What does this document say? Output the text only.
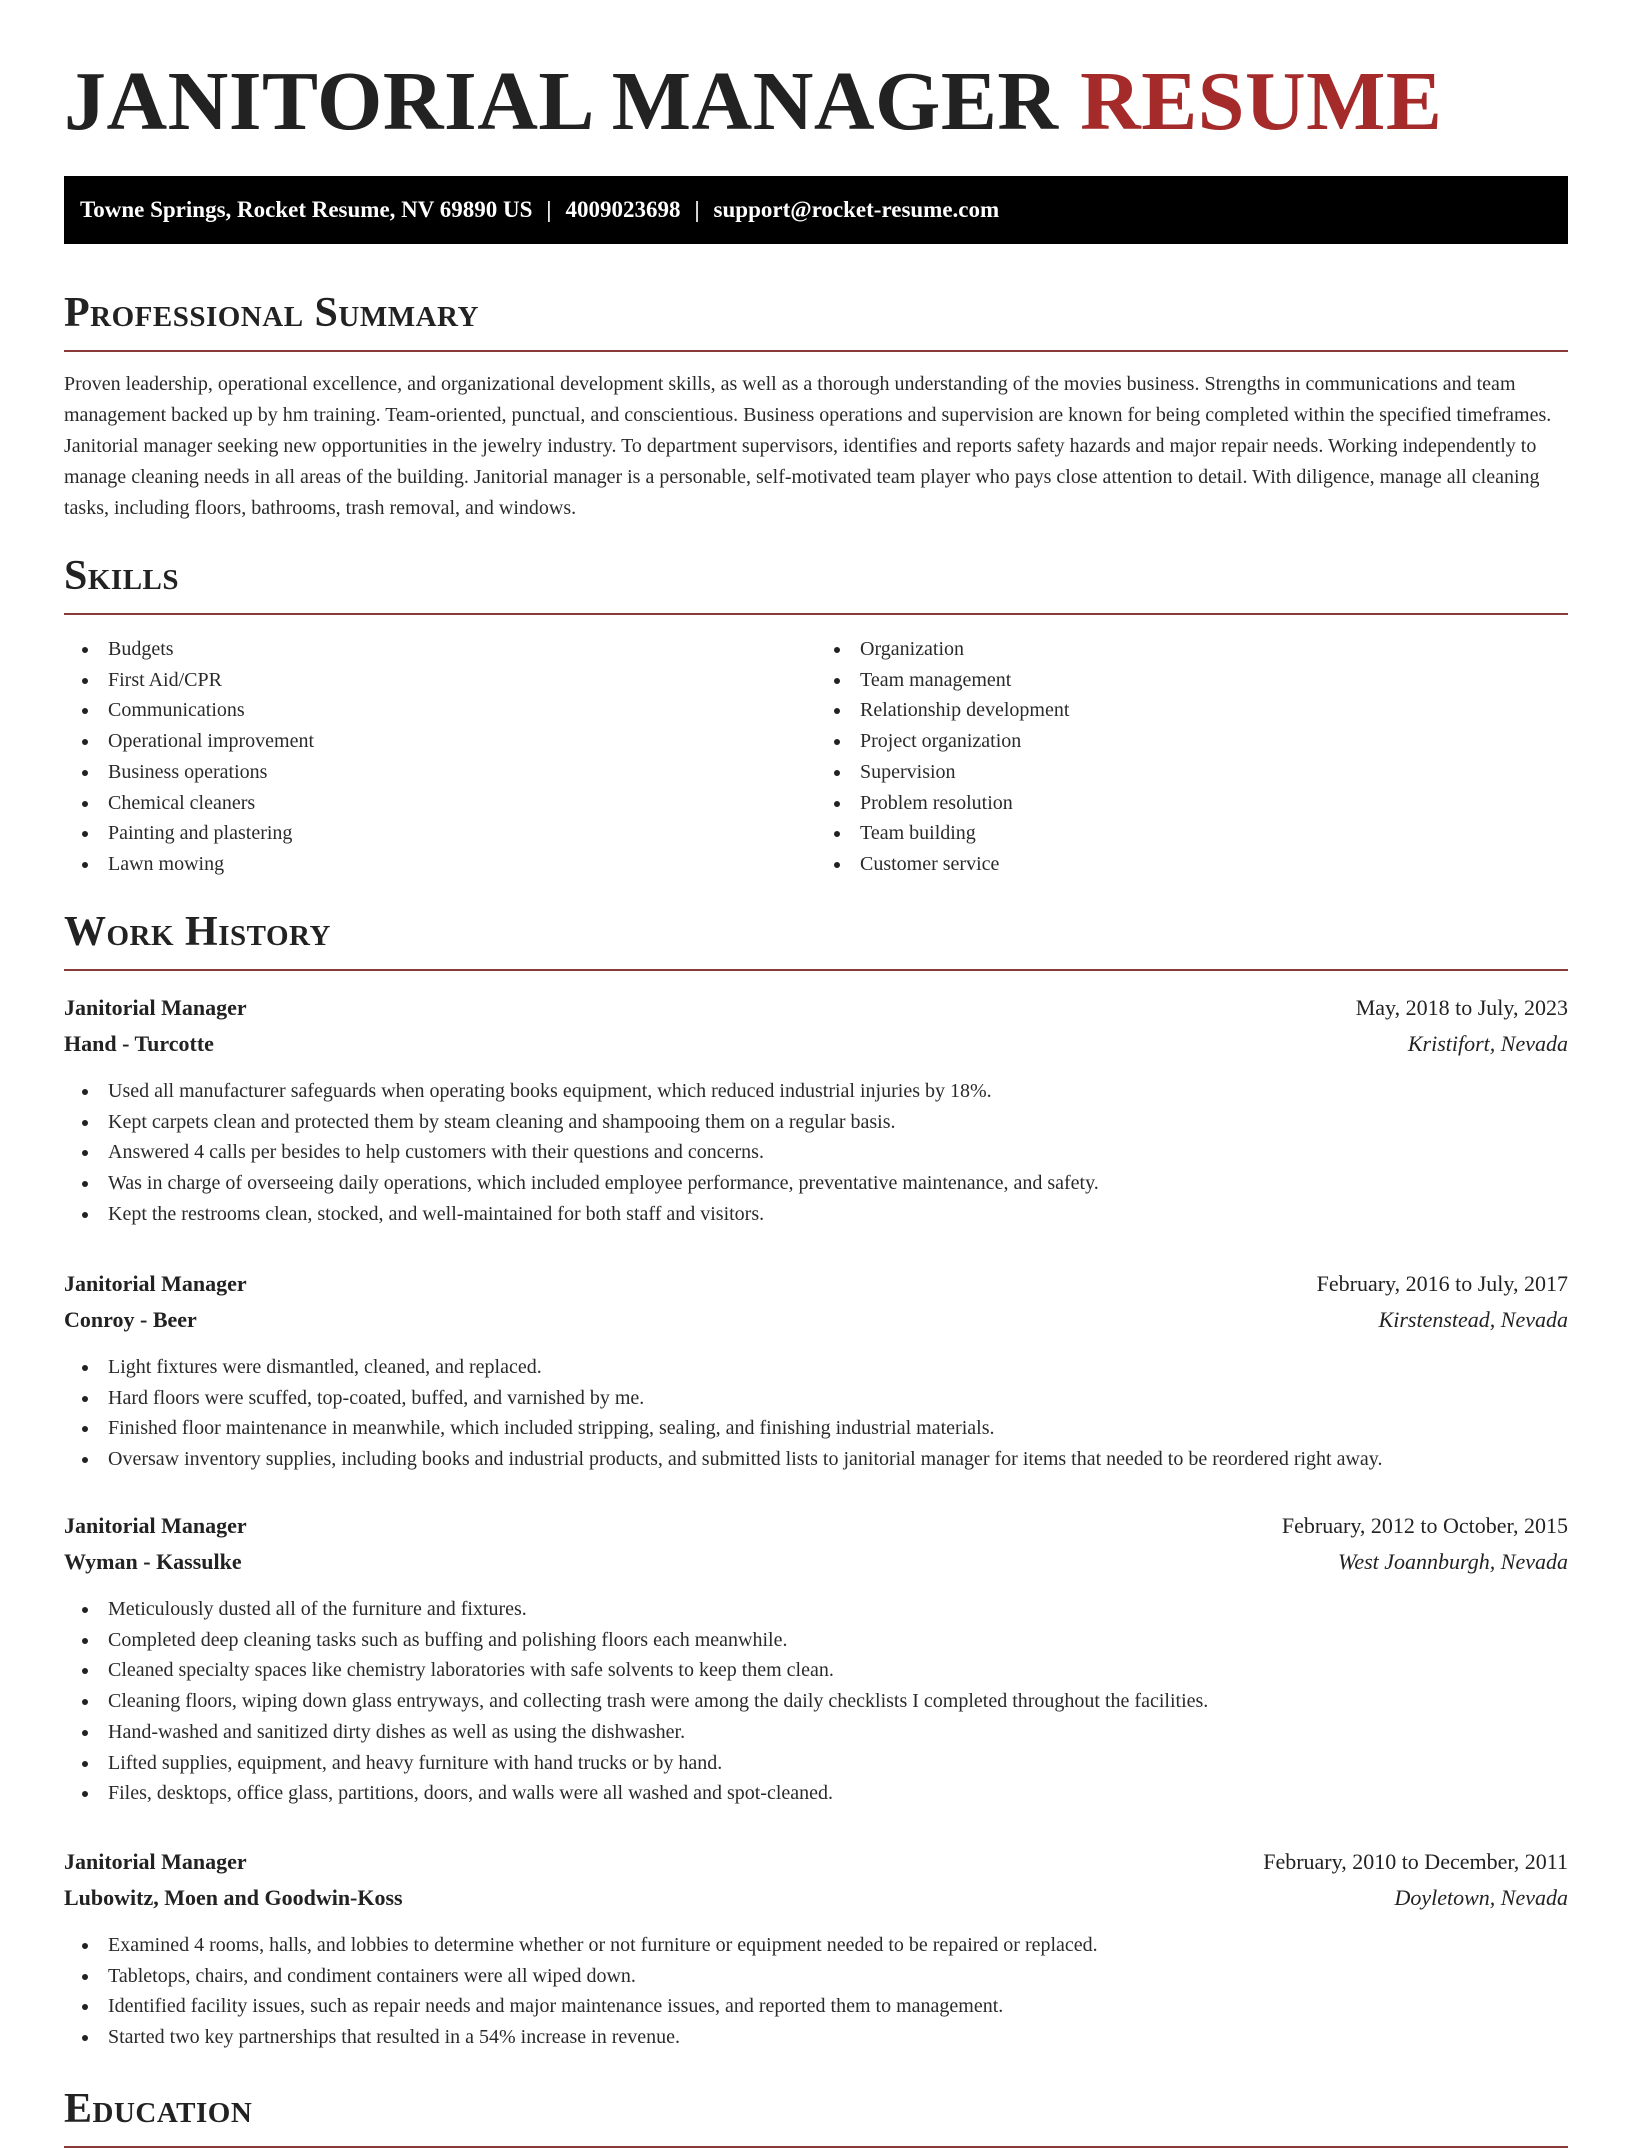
JANITORIAL MANAGER RESUME
Towne Springs, Rocket Resume, NV 69890 US | 4009023698 | support@rocket-resume.com
Professional Summary

Proven leadership, operational excellence, and organizational development skills, as well as a thorough understanding of the movies business. Strengths in communications and team management backed up by hm training. Team-oriented, punctual, and conscientious. Business operations and supervision are known for being completed within the specified timeframes. Janitorial manager seeking new opportunities in the jewelry industry. To department supervisors, identifies and reports safety hazards and major repair needs. Working independently to manage cleaning needs in all areas of the building. Janitorial manager is a personable, self-motivated team player who pays close attention to detail. With diligence, manage all cleaning tasks, including floors, bathrooms, trash removal, and windows.

Skills
Budgets
First Aid/CPR
Communications
Operational improvement
Business operations
Chemical cleaners
Painting and plastering
Lawn mowing
Organization
Team management
Relationship development
Project organization
Supervision
Problem resolution
Team building
Customer service
Work History
Janitorial Manager	May, 2018 to July, 2023
Hand - Turcotte	Kristifort, Nevada
Used all manufacturer safeguards when operating books equipment, which reduced industrial injuries by 18%.
Kept carpets clean and protected them by steam cleaning and shampooing them on a regular basis.
Answered 4 calls per besides to help customers with their questions and concerns.
Was in charge of overseeing daily operations, which included employee performance, preventative maintenance, and safety.
Kept the restrooms clean, stocked, and well-maintained for both staff and visitors.
Janitorial Manager	February, 2016 to July, 2017
Conroy - Beer	Kirstenstead, Nevada
Light fixtures were dismantled, cleaned, and replaced.
Hard floors were scuffed, top-coated, buffed, and varnished by me.
Finished floor maintenance in meanwhile, which included stripping, sealing, and finishing industrial materials.
Oversaw inventory supplies, including books and industrial products, and submitted lists to janitorial manager for items that needed to be reordered right away.
Janitorial Manager	February, 2012 to October, 2015
Wyman - Kassulke	West Joannburgh, Nevada
Meticulously dusted all of the furniture and fixtures.
Completed deep cleaning tasks such as buffing and polishing floors each meanwhile.
Cleaned specialty spaces like chemistry laboratories with safe solvents to keep them clean.
Cleaning floors, wiping down glass entryways, and collecting trash were among the daily checklists I completed throughout the facilities.
Hand-washed and sanitized dirty dishes as well as using the dishwasher.
Lifted supplies, equipment, and heavy furniture with hand trucks or by hand.
Files, desktops, office glass, partitions, doors, and walls were all washed and spot-cleaned.
Janitorial Manager	February, 2010 to December, 2011
Lubowitz, Moen and Goodwin-Koss	Doyletown, Nevada
Examined 4 rooms, halls, and lobbies to determine whether or not furniture or equipment needed to be repaired or replaced.
Tabletops, chairs, and condiment containers were all wiped down.
Identified facility issues, such as repair needs and major maintenance issues, and reported them to management.
Started two key partnerships that resulted in a 54% increase in revenue.
Education
